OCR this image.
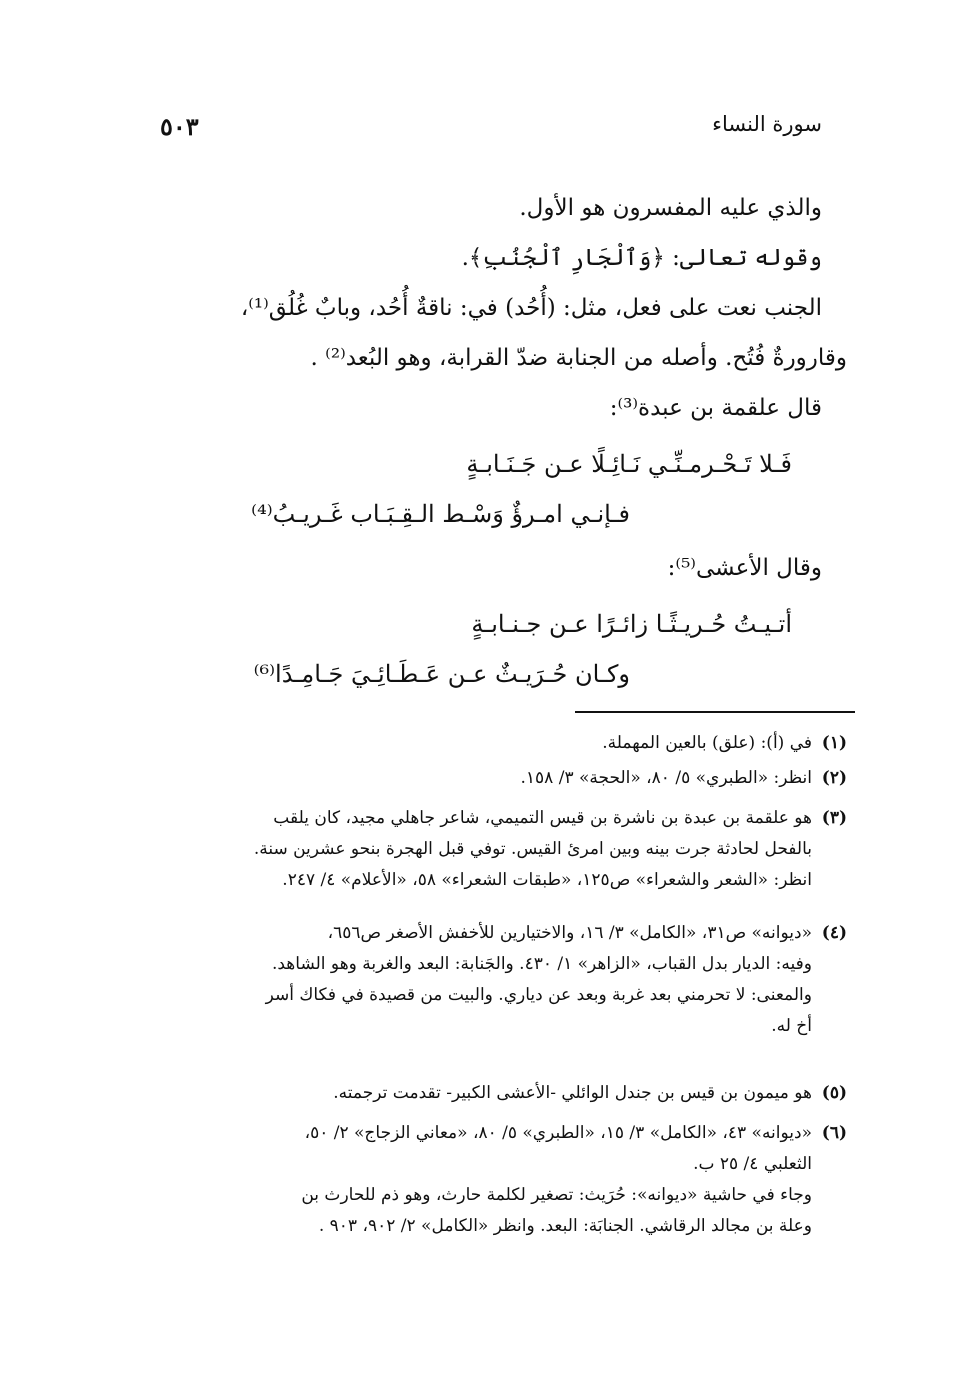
سورة النساء
٥٠٣
والذي عليه المفسرون هو الأول.
وقوله تعالى: ﴿وَٱلْجَارِ ٱلْجُنُبِ﴾.
الجنب نعت على فعل، مثل: (أُحُد) في: ناقةٌ أُحُد، وبابٌ غُلُق⁽¹⁾،
وقارورةٌ فُتُح. وأصله من الجنابة ضدّ القرابة، وهو البُعد⁽²⁾ .
قال علقمة بن عبدة⁽³⁾:
فَـلا تَـحْـرمـنِّـي نَـائِـلًا عـن جَـنَـابـةٍ
فـإنـي امـرؤٌ وَسْـط الـقِـبَـاب غَـريـبُ⁽⁴⁾
وقال الأعشى⁽⁵⁾:
أتـيـتُ حُـريـثًـا زائـرًا عـن جـنـابـةٍ
وكـان حُـرَيـثٌ عـن عَـطَـائِـيَ جَـامِـدًا⁽⁶⁾
(١)
في (أ): (علق) بالعين المهملة.
(٢)
انظر: «الطبري» ٥/ ٨٠، «الحجة» ٣/ ١٥٨.
(٣)
هو علقمة بن عبدة بن ناشرة بن قيس التميمي، شاعر جاهلي مجيد، كان يلقب
بالفحل لحادثة جرت بينه وبين امرئ القيس. توفي قبل الهجرة بنحو عشرين سنة.
انظر: «الشعر والشعراء» ص١٢٥، «طبقات الشعراء» ٥٨، «الأعلام» ٤/ ٢٤٧.
(٤)
«ديوانه» ص٣١، «الكامل» ٣/ ١٦، والاختيارين للأخفش الأصغر ص٦٥٦،
وفيه: الديار بدل القباب، «الزاهر» ١/ ٤٣٠. والجَنابة: البعد والغربة وهو الشاهد.
والمعنى: لا تحرمني بعد غربة وبعد عن دياري. والبيت من قصيدة في فكاك أسر
أخ له.
(٥)
هو ميمون بن قيس بن جندل الوائلي -الأعشى الكبير- تقدمت ترجمته.
(٦)
«ديوانه» ٤٣، «الكامل» ٣/ ١٥، «الطبري» ٥/ ٨٠، «معاني الزجاج» ٢/ ٥٠،
الثعلبي ٤/ ٢٥ ب.
وجاء في حاشية «ديوانه»: حُرَيث: تصغير لكلمة حارث، وهو ذم للحارث بن
وعلة بن مجالد الرقاشي. الجنابَة: البعد. وانظر «الكامل» ٢/ ٩٠٢، ٩٠٣ .
